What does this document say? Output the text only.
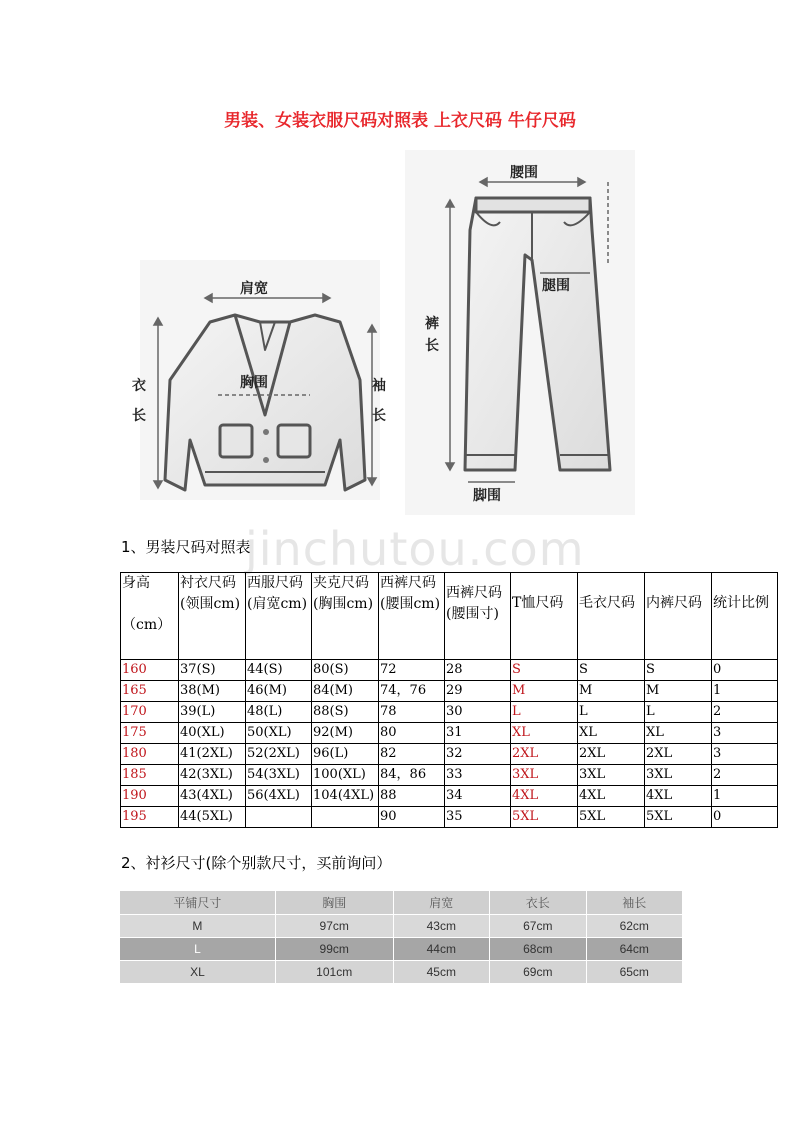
男装、女装衣服尺码对照表 上衣尺码 牛仔尺码
肩宽
胸围
衣
长
袖
长
腰围
腿围
裤
长
脚围
jinchutou.com
1、男装尺码对照表
身高

（cm）	衬衣尺码(领围cm)	西服尺码(肩宽cm)	夹克尺码(胸围cm)	西裤尺码(腰围cm)	西裤尺码(腰围寸)	T恤尺码	毛衣尺码	内裤尺码	统计比例
160	37(S)	44(S)	80(S)	72	28	S	S	S	0
165	38(M)	46(M)	84(M)	74，76	29	M	M	M	1
170	39(L)	48(L)	88(S)	78	30	L	L	L	2
175	40(XL)	50(XL)	92(M)	80	31	XL	XL	XL	3
180	41(2XL)	52(2XL)	96(L)	82	32	2XL	2XL	2XL	3
185	42(3XL)	54(3XL)	100(XL)	84，86	33	3XL	3XL	3XL	2
190	43(4XL)	56(4XL)	104(4XL)	88	34	4XL	4XL	4XL	1
195	44(5XL)			90	35	5XL	5XL	5XL	0
2、衬衫尺寸(除个别款尺寸，买前询问）
平铺尺寸	胸围	肩宽	衣长	袖长
M	97cm	43cm	67cm	62cm
L	99cm	44cm	68cm	64cm
XL	101cm	45cm	69cm	65cm
